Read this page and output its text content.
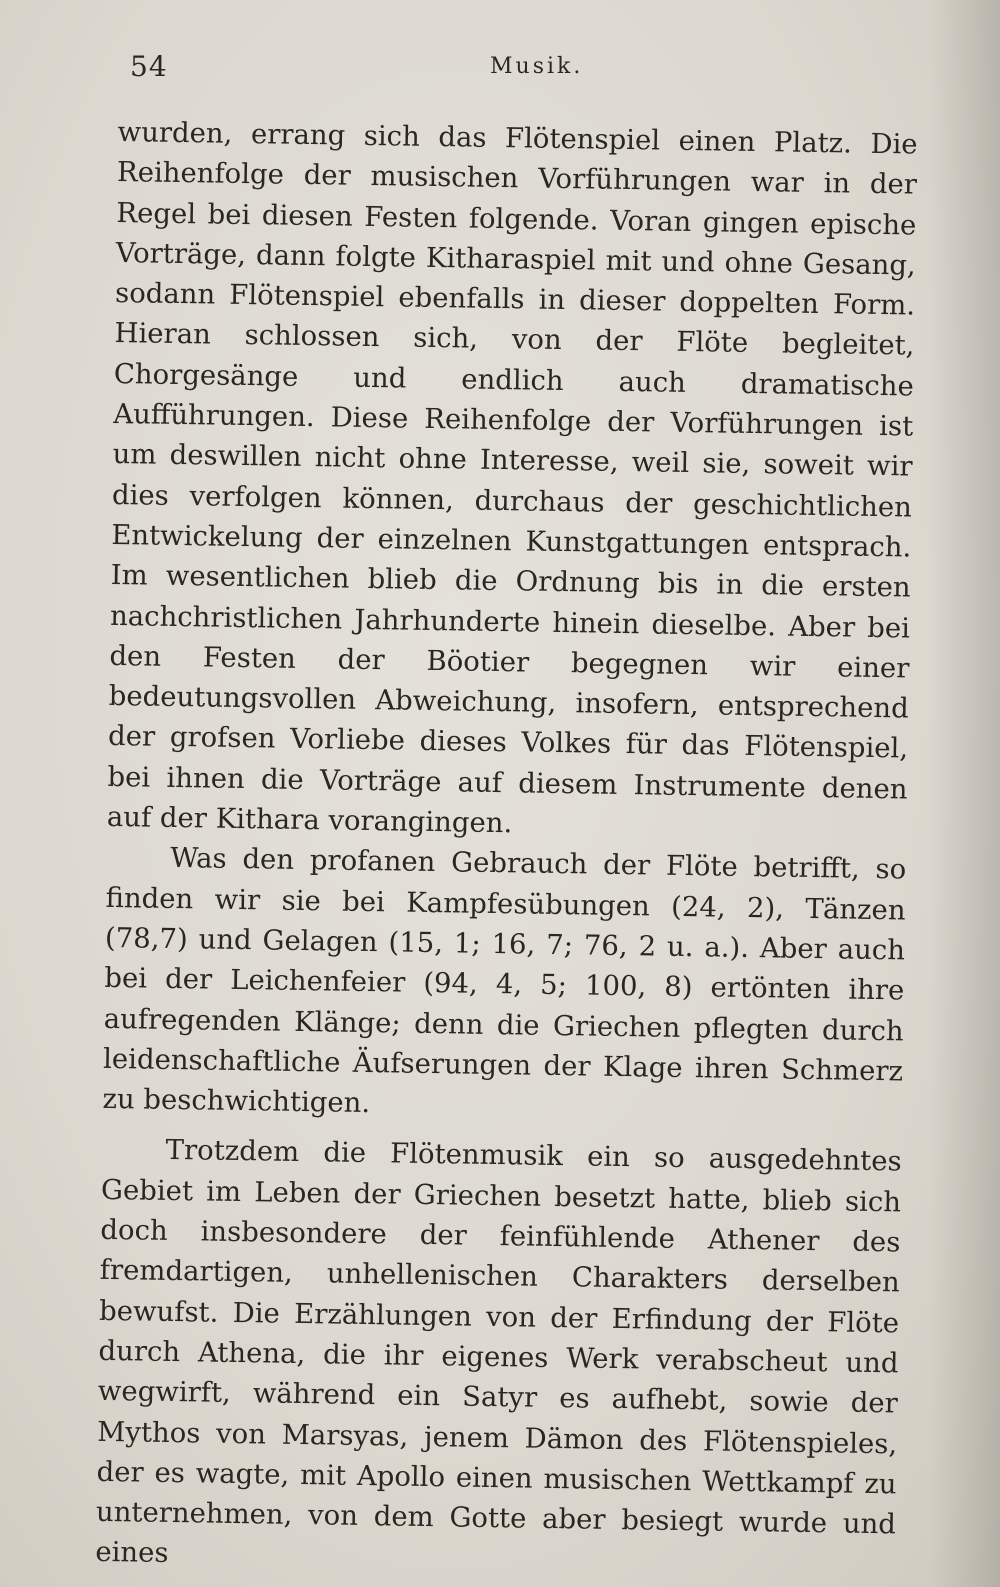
54	Musik.

wurden, errang sich das Flötenspiel einen Platz. Die Reihenfolge der musischen Vorführungen war in der Regel bei diesen Festen folgende. Voran gingen epische Vorträge, dann folgte Kitharaspiel mit und ohne Gesang, sodann Flötenspiel ebenfalls in dieser doppelten Form. Hieran schlossen sich, von der Flöte begleitet, Chorgesänge und endlich auch dramatische Aufführungen. Diese Reihenfolge der Vorführungen ist um deswillen nicht ohne Interesse, weil sie, soweit wir dies verfolgen können, durchaus der geschichtlichen Entwickelung der einzelnen Kunstgattungen entsprach. Im wesentlichen blieb die Ordnung bis in die ersten nachchristlichen Jahrhunderte hinein dieselbe. Aber bei den Festen der Böotier begegnen wir einer bedeutungsvollen Abweichung, insofern, entsprechend der grofsen Vorliebe dieses Volkes für das Flötenspiel, bei ihnen die Vorträge auf diesem Instrumente denen auf der Kithara vorangingen.

Was den profanen Gebrauch der Flöte betrifft, so finden wir sie bei Kampfesübungen (24, 2), Tänzen (78,7) und Gelagen (15, 1; 16, 7; 76, 2 u. a.). Aber auch bei der Leichenfeier (94, 4, 5; 100, 8) ertönten ihre aufregenden Klänge; denn die Griechen pflegten durch leidenschaftliche Äufserungen der Klage ihren Schmerz zu beschwichtigen.

Trotzdem die Flötenmusik ein so ausgedehntes Gebiet im Leben der Griechen besetzt hatte, blieb sich doch insbesondere der feinfühlende Athener des fremdartigen, unhellenischen Charakters derselben bewufst. Die Erzählungen von der Erfindung der Flöte durch Athena, die ihr eigenes Werk verabscheut und wegwirft, während ein Satyr es aufhebt, sowie der Mythos von Marsyas, jenem Dämon des Flötenspieles, der es wagte, mit Apollo einen musischen Wettkampf zu unternehmen, von dem Gotte aber besiegt wurde und eines
